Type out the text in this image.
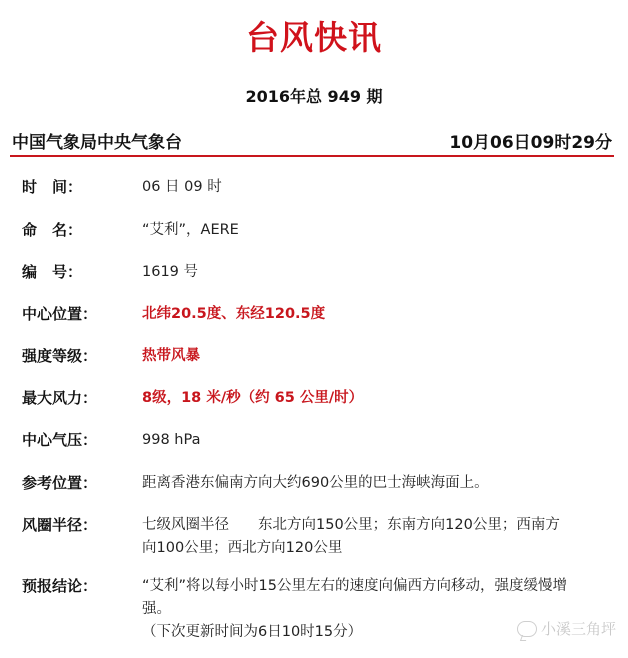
台风快讯
2016年总 949 期
中国气象局中央气象台	10月06日09时29分
时　间：	06 日 09 时
命　名：	“艾利”，AERE
编　号：	1619 号
中心位置：	北纬20.5度、东经120.5度
强度等级：	热带风暴
最大风力：	8级，18 米/秒（约 65 公里/时）
中心气压：	998 hPa
参考位置：	距离香港东偏南方向大约690公里的巴士海峡海面上。
风圈半径：	七级风圈半径　　东北方向150公里；东南方向120公里；西南方
向100公里；西北方向120公里
预报结论：	“艾利”将以每小时15公里左右的速度向偏西方向移动，强度缓慢增
强。
（下次更新时间为6日10时15分）	小溪三角坪
